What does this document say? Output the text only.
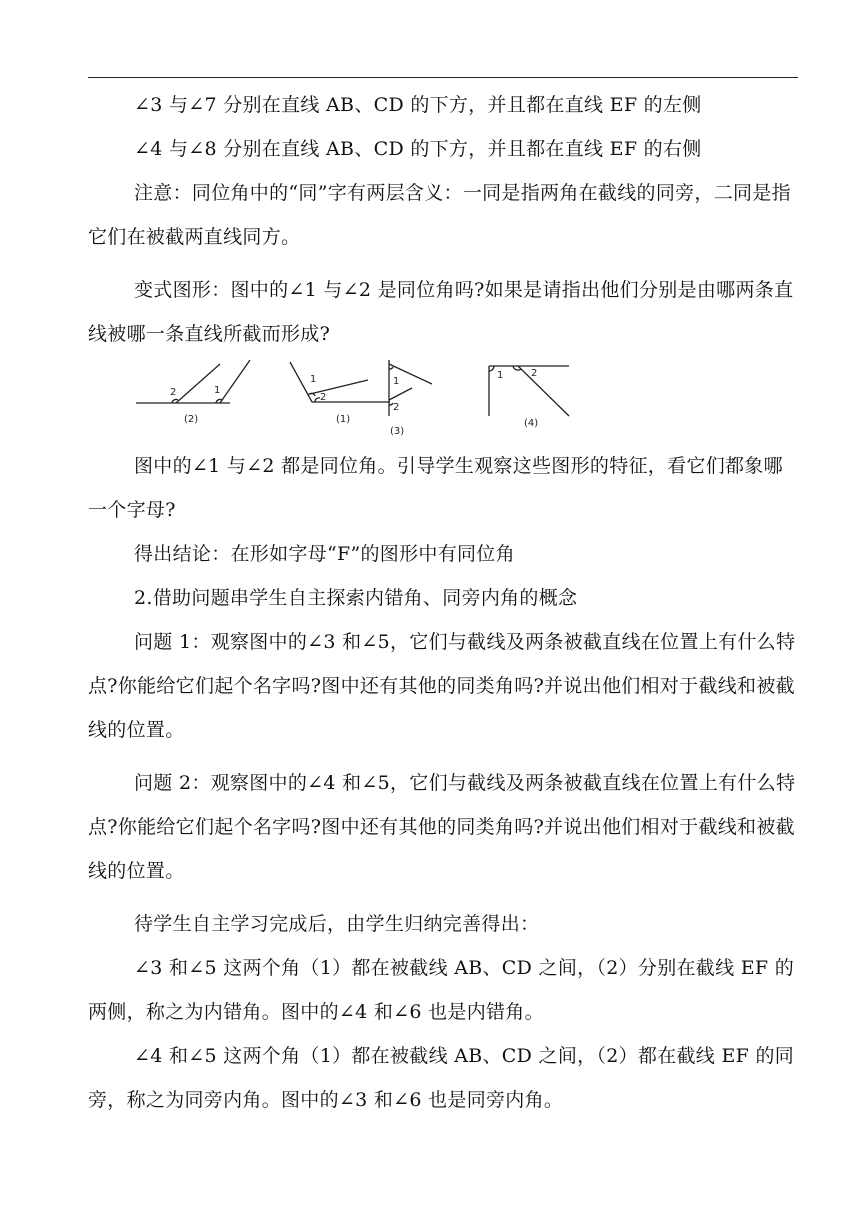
∠3 与∠7 分别在直线 AB、CD 的下方，并且都在直线 EF 的左侧

∠4 与∠8 分别在直线 AB、CD 的下方，并且都在直线 EF 的右侧

注意：同位角中的“同”字有两层含义：一同是指两角在截线的同旁，二同是指它们在被截两直线同方。

变式图形：图中的∠1 与∠2 是同位角吗?如果是请指出他们分别是由哪两条直线被哪一条直线所截而形成?

2	1
(2)
1
2
(1)
1
2
(3)
1	2
(4)

图中的∠1 与∠2 都是同位角。引导学生观察这些图形的特征，看它们都象哪一个字母?

得出结论：在形如字母“F”的图形中有同位角

2.借助问题串学生自主探索内错角、同旁内角的概念

问题 1：观察图中的∠3 和∠5，它们与截线及两条被截直线在位置上有什么特点?你能给它们起个名字吗?图中还有其他的同类角吗?并说出他们相对于截线和被截线的位置。

问题 2：观察图中的∠4 和∠5，它们与截线及两条被截直线在位置上有什么特点?你能给它们起个名字吗?图中还有其他的同类角吗?并说出他们相对于截线和被截线的位置。

待学生自主学习完成后，由学生归纳完善得出：

∠3 和∠5 这两个角（1）都在被截线 AB、CD 之间，（2）分别在截线 EF 的两侧，称之为内错角。图中的∠4 和∠6 也是内错角。

∠4 和∠5 这两个角（1）都在被截线 AB、CD 之间，（2）都在截线 EF 的同旁，称之为同旁内角。图中的∠3 和∠6 也是同旁内角。
